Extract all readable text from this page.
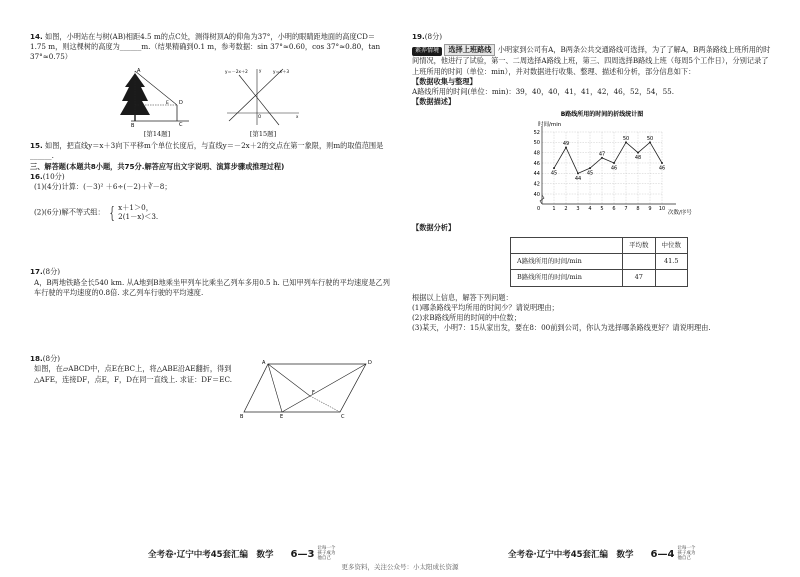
14. 如图，小明站在与树(AB)相距4.5 m的点C处，测得树顶A的仰角为37°，小明的眼睛距地面的高度CD＝1.75 m，则这棵树的高度为______m.（结果精确到0.1 m，参考数据：sin 37°≈0.60，cos 37°≈0.80，tan 37°≈0.75）

A
B
D
C
E
[第14题]
y＝－2x＋2	y＝x＋3
O	x
y
[第15题]

15. 如图，把直线y＝x＋3向下平移m个单位长度后，与直线y＝－2x＋2的交点在第一象限，则m的取值范围是______.

三、解答题(本题共8小题，共75分.解答应写出文字说明、演算步骤或推理过程)

16.(10分)

(1)(4分)计算：(－3)² ＋6÷(－2)＋∛－8；

(2)(6分)解不等式组： { x＋1＞0，
2(1－x)＜3.

17.(8分)

A，B两地铁路全长540 km. 从A地到B地乘坐甲列车比乘坐乙列车多用0.5 h. 已知甲列车行驶的平均速度是乙列车行驶的平均速度的0.8倍. 求乙列车行驶的平均速度.

18.(8分)

如图，在▱ABCD中，点E在BC上，将△ABE沿AE翻折，得到△AFE，连接DF，点E，F，D在同一直线上. 求证：DF＝EC.

A	D
B	E	C
F
全考卷·辽宁中考45套汇编　数学 6—3 让每一个孩子成为他自己

19.(8分)

素养情境 选择上班路线 小明家到公司有A，B两条公共交通路线可选择，为了了解A，B两条路线上班所用的时间情况，他进行了试验，第一、二周选择A路线上班，第三、四周选择B路线上班（每周5个工作日），分别记录了上班所用的时间（单位：min），并对数据进行收集、整理、描述和分析，部分信息如下：

【数据收集与整理】

A路线所用的时间(单位：min)：39，40，40，41，41，42，46，52，54，55.

【数据描述】

B路线所用的时间的折线统计图
时间/min
次数/序号
0
40
42
44
46
48
50
52
1 2 3 4 5 6 7 8 9 10
45
49
44
45
47
46
50
48
50
46

【数据分析】

	平均数	中位数
A路线所用的时间/min		41.5
B路线所用的时间/min	47	

根据以上信息，解答下列问题：

(1)哪条路线平均所用的时间少？请说明理由；

(2)求B路线所用的时间的中位数；

(3)某天，小明7：15从家出发，要在8：00前到公司，你认为选择哪条路线更好？请说明理由.

全考卷·辽宁中考45套汇编　数学 6—4 让每一个孩子成为他自己
更多资料，关注公众号：小太阳成长资源
